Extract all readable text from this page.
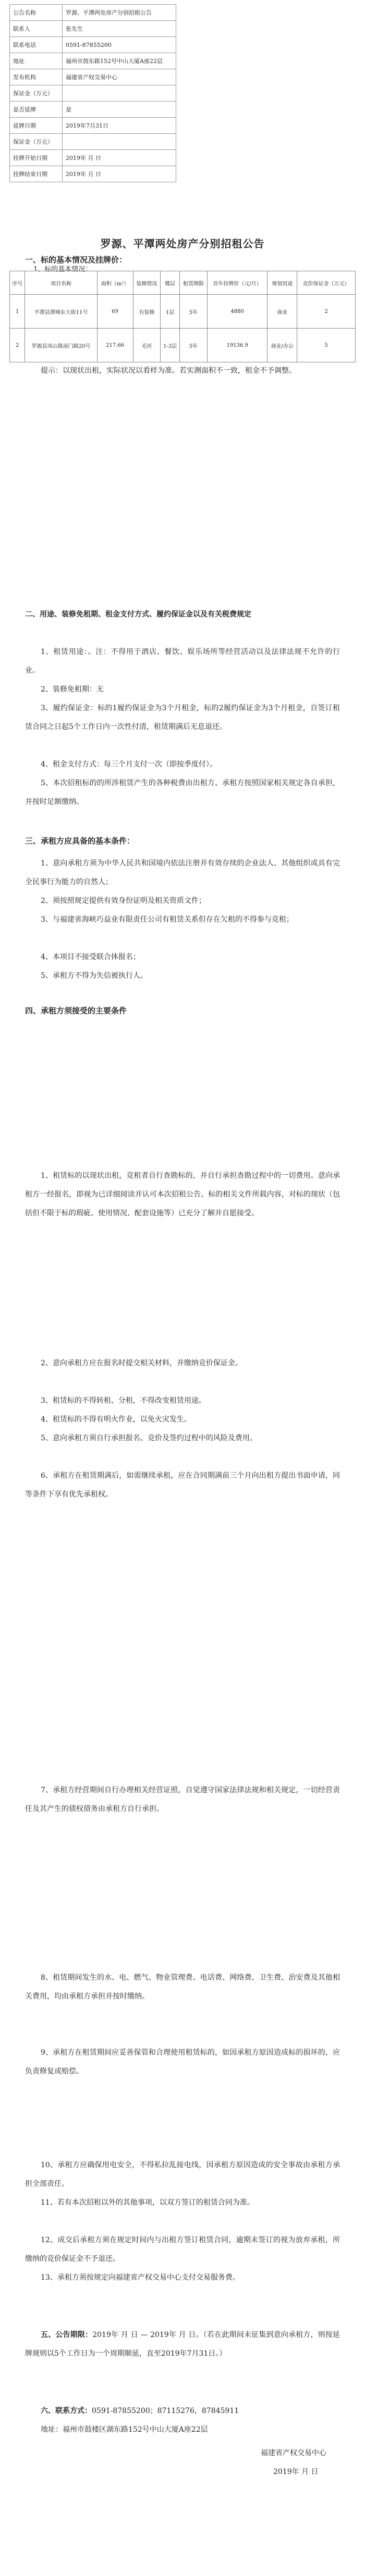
公告名称	罗源、平潭两处房产分别招租公告
联系人	张先生
联系电话	0591-87855200
地址	福州市鼓东路152号中山大厦A座22层
发布机构	福建省产权交易中心
保证金（万元）	
是否延牌	是
延牌日期	2019年7月31日
保证金（万元）	
挂牌开始日期	2019年 月 日
挂牌结束日期	2019年 月 日
罗源、平潭两处房产分别招租公告
一、标的基本情况及挂牌价：
1、标的基本情况：
序号	项目名称	面积（m²）	装修情况	楼层	租赁期限	首年挂牌价（元/月）	规划用途	竞价保证金（万元）
1	平潭县潭城东大街11号	69	有装修	1层	5年	4880	商业	2
2	罗源县凤山镇南门路20号	217.66	毛坯	1-3层	5年	19136.9	商业/办公	5
提示：以现状出租，实际状况以看样为准。若实测面积不一致，租金不予调整。
二、用途、装修免租期、租金支付方式、履约保证金以及有关税费规定
1、租赁用途：。注：不得用于酒店、餐饮、娱乐场所等经营活动以及法律法规不允许的行业。
2、装修免租期：无
3、履约保证金：标的1履约保证金为3个月租金，标的2履约保证金为3个月租金，自签订租赁合同之日起5个工作日内一次性付清，租赁期满后无息退还。
4、租金支付方式：每三个月支付一次（即按季度付）。
5、本次招租标的的所涉租赁产生的各种税费由出租方、承租方按照国家相关规定各自承担，并按时足额缴纳。
三、承租方应具备的基本条件：
1、意向承租方须为中华人民共和国境内依法注册并有效存续的企业法人、其他组织或具有完全民事行为能力的自然人；
2、须按照规定提供有效身份证明及相关资质文件；
3、与福建省海峡巧益业有限责任公司有租赁关系但存在欠租的不得参与竞租；
4、本项目不接受联合体报名；
5、承租方不得为失信被执行人。
四、承租方须接受的主要条件
1、租赁标的以现状出租，竞租者自行查勘标的，并自行承担查勘过程中的一切费用。意向承租方一经报名，即视为已详细阅读并认可本次招租公告、标的相关文件所载内容，对标的现状（包括但不限于标的瑕疵、使用情况、配套设施等）已充分了解并自愿接受。
2、意向承租方应在报名时提交相关材料，并缴纳竞价保证金。
3、租赁标的不得转租、分租，不得改变租赁用途。
4、租赁标的不得有明火作业，以免火灾发生。
5、意向承租方须自行承担报名、竞价及签约过程中的风险及费用。
6、承租方在租赁期满后，如需继续承租，应在合同期满前三个月向出租方提出书面申请，同等条件下享有优先承租权。
7、承租方经营期间自行办理相关经营证照，自觉遵守国家法律法规和相关规定，一切经营责任及其产生的债权债务由承租方自行承担。
8、租赁期间发生的水、电、燃气、物业管理费、电话费、网络费、卫生费、治安费及其他相关费用，均由承租方承担并按时缴纳。
9、承租方在租赁期间应妥善保管和合理使用租赁标的，如因承租方原因造成标的损坏的，应负责修复或赔偿。
10、承租方应确保用电安全，不得私拉乱接电线，因承租方原因造成的安全事故由承租方承担全部责任。
11、若有本次招租以外的其他事项，以双方签订的租赁合同为准。
12、成交后承租方须在规定时间内与出租方签订租赁合同，逾期未签订的视为放弃承租，所缴纳的竞价保证金不予退还。
13、承租方须按规定向福建省产权交易中心支付交易服务费。
五、公告期限：2019年 月 日 — 2019年 月 日。（若在此期间未征集到意向承租方，则按延牌规则以5个工作日为一个周期顺延，直至2019年7月31日。）
六、联系方式：0591-87855200；87115276，87845911
地址：福州市鼓楼区湖东路152号中山大厦A座22层
福建省产权交易中心
2019年 月 日
